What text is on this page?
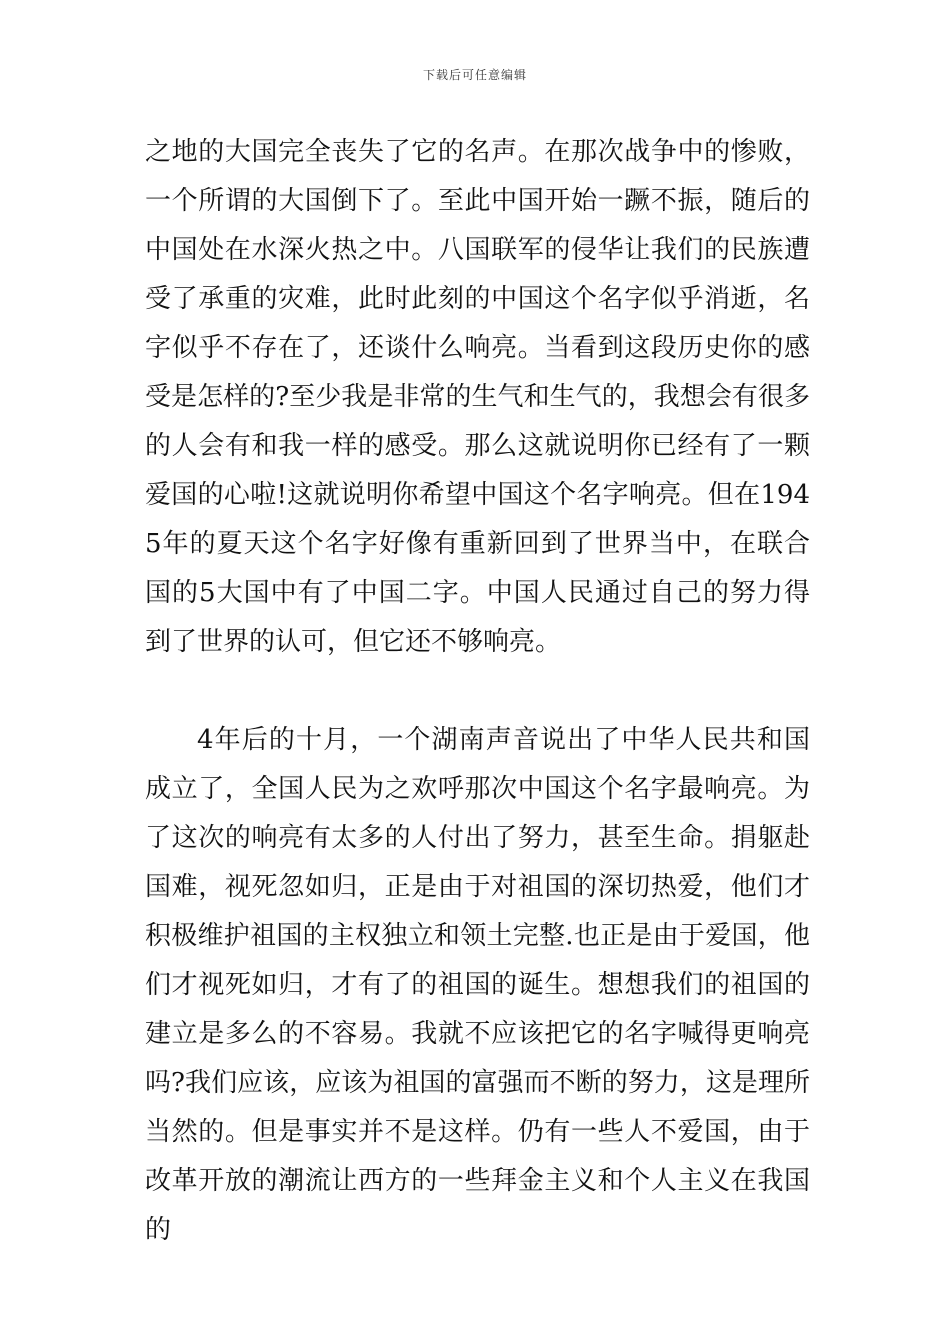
下载后可任意编辑

之地的大国完全丧失了它的名声。在那次战争中的惨败，一个所谓的大国倒下了。至此中国开始一蹶不振，随后的中国处在水深火热之中。八国联军的侵华让我们的民族遭受了承重的灾难，此时此刻的中国这个名字似乎消逝，名字似乎不存在了，还谈什么响亮。当看到这段历史你的感受是怎样的?至少我是非常的生气和生气的，我想会有很多的人会有和我一样的感受。那么这就说明你已经有了一颗爱国的心啦!这就说明你希望中国这个名字响亮。但在1945年的夏天这个名字好像有重新回到了世界当中，在联合国的5大国中有了中国二字。中国人民通过自己的努力得到了世界的认可，但它还不够响亮。

4年后的十月，一个湖南声音说出了中华人民共和国成立了，全国人民为之欢呼那次中国这个名字最响亮。为了这次的响亮有太多的人付出了努力，甚至生命。捐躯赴国难，视死忽如归，正是由于对祖国的深切热爱，他们才积极维护祖国的主权独立和领土完整.也正是由于爱国，他们才视死如归，才有了的祖国的诞生。想想我们的祖国的建立是多么的不容易。我就不应该把它的名字喊得更响亮吗?我们应该，应该为祖国的富强而不断的努力，这是理所当然的。但是事实并不是这样。仍有一些人不爱国，由于改革开放的潮流让西方的一些拜金主义和个人主义在我国的
